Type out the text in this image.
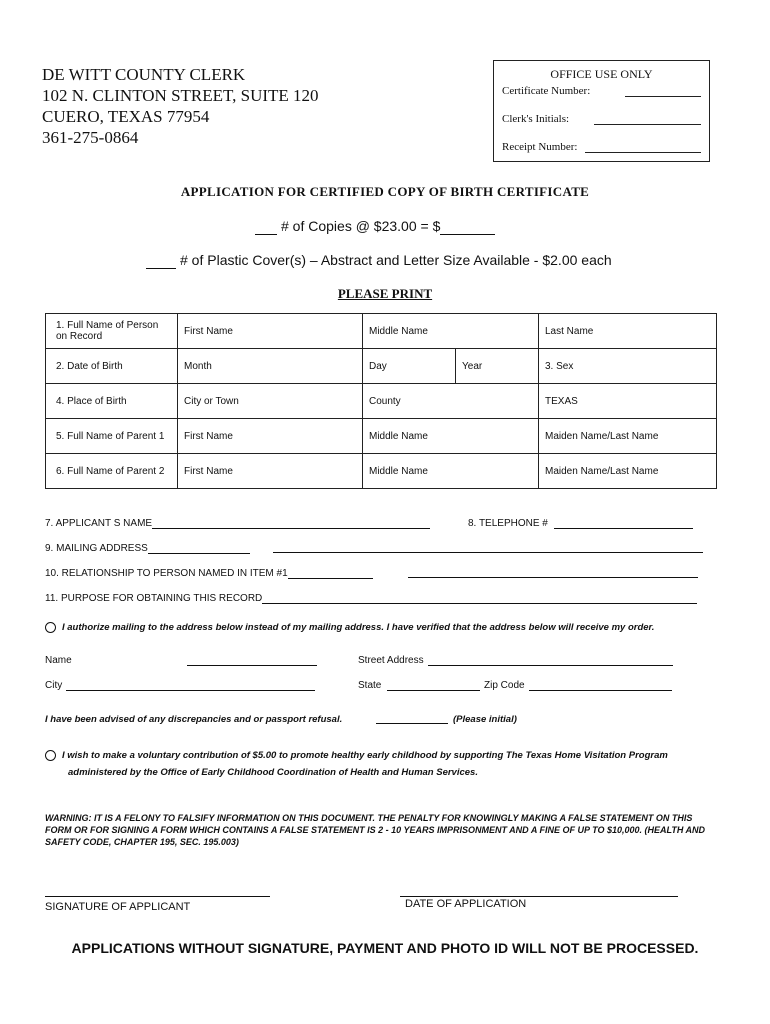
DE WITT COUNTY CLERK
102 N. CLINTON STREET, SUITE 120
CUERO, TEXAS 77954
361-275-0864
OFFICE USE ONLY
Certificate Number:
Clerk's Initials:
Receipt Number:
APPLICATION FOR CERTIFIED COPY OF BIRTH CERTIFICATE
# of Copies @ $23.00 = $
# of Plastic Cover(s) – Abstract and Letter Size Available - $2.00 each
PLEASE PRINT
1. Full Name of Person on Record	First Name	Middle Name		Last Name
2. Date of Birth	Month	Day	Year	3. Sex
4. Place of Birth	City or Town	County		TEXAS
5. Full Name of Parent 1	First Name	Middle Name		Maiden Name/Last Name
6. Full Name of Parent 2	First Name	Middle Name		Maiden Name/Last Name
7. APPLICANT S NAME	8. TELEPHONE #
9. MAILING ADDRESS
10. RELATIONSHIP TO PERSON NAMED IN ITEM #1
11. PURPOSE FOR OBTAINING THIS RECORD
I authorize mailing to the address below instead of my mailing address. I have verified that the address below will receive my order.
Name	Street Address
City	State	Zip Code
I have been advised of any discrepancies and or passport refusal.	(Please initial)
I wish to make a voluntary contribution of $5.00 to promote healthy early childhood by supporting The Texas Home Visitation Program
administered by the Office of Early Childhood Coordination of Health and Human Services.
WARNING: IT IS A FELONY TO FALSIFY INFORMATION ON THIS DOCUMENT. THE PENALTY FOR KNOWINGLY MAKING A FALSE STATEMENT ON THIS FORM OR FOR SIGNING A FORM WHICH CONTAINS A FALSE STATEMENT IS 2 - 10 YEARS IMPRISONMENT AND A FINE OF UP TO $10,000. (HEALTH AND SAFETY CODE, CHAPTER 195, SEC. 195.003)
SIGNATURE OF APPLICANT	DATE OF APPLICATION
APPLICATIONS WITHOUT SIGNATURE, PAYMENT AND PHOTO ID WILL NOT BE PROCESSED.
